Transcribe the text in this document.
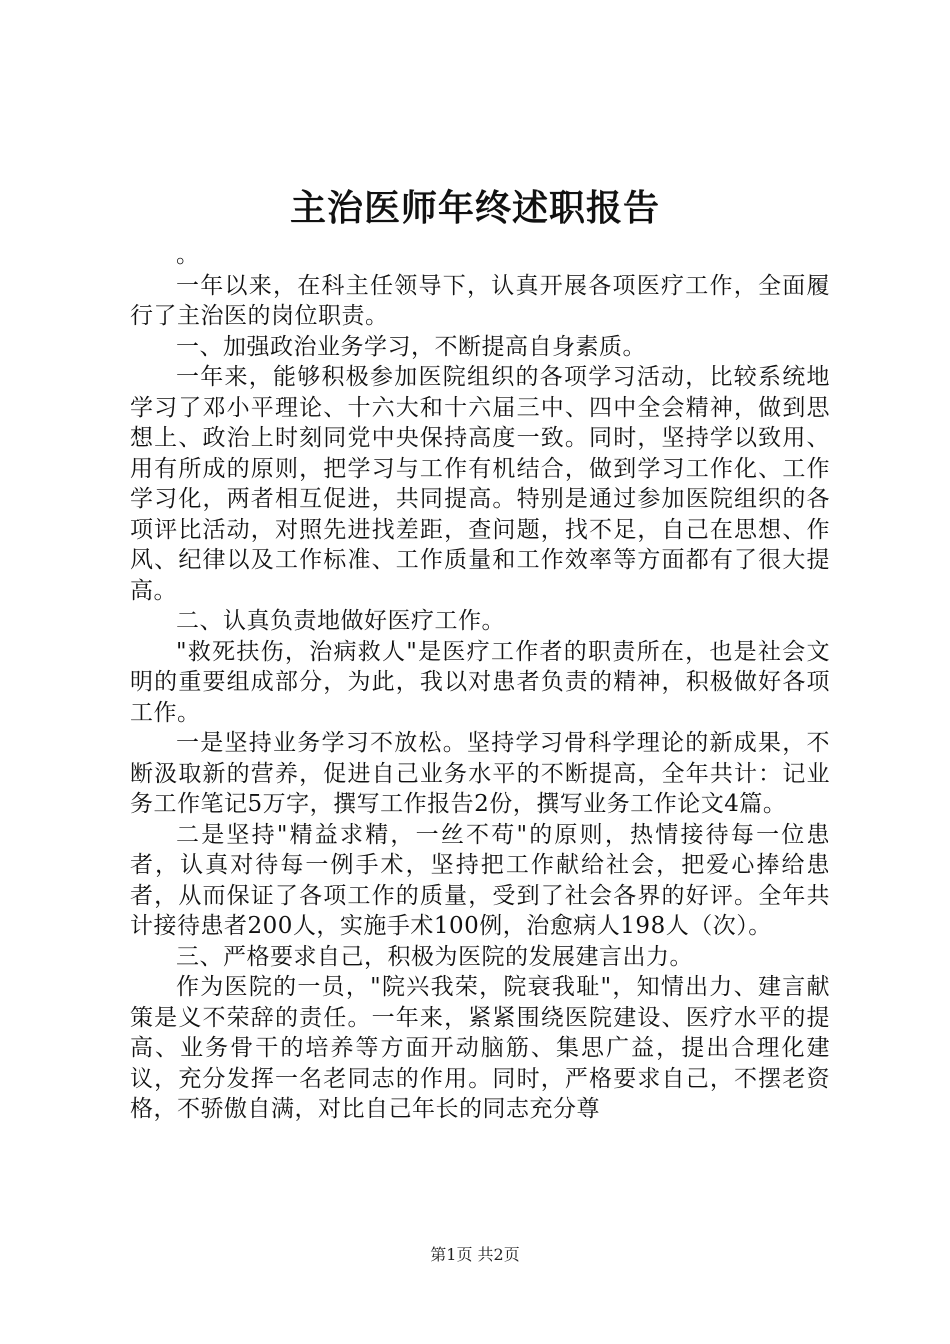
主治医师年终述职报告

。

一年以来，在科主任领导下，认真开展各项医疗工作，全面履行了主治医的岗位职责。

一、加强政治业务学习，不断提高自身素质。

一年来，能够积极参加医院组织的各项学习活动，比较系统地学习了邓小平理论、十六大和十六届三中、四中全会精神，做到思想上、政治上时刻同党中央保持高度一致。同时，坚持学以致用、用有所成的原则，把学习与工作有机结合，做到学习工作化、工作学习化，两者相互促进，共同提高。特别是通过参加医院组织的各项评比活动，对照先进找差距，查问题，找不足，自己在思想、作风、纪律以及工作标准、工作质量和工作效率等方面都有了很大提高。

二、认真负责地做好医疗工作。

"救死扶伤，治病救人"是医疗工作者的职责所在，也是社会文明的重要组成部分，为此，我以对患者负责的精神，积极做好各项工作。

一是坚持业务学习不放松。坚持学习骨科学理论的新成果，不断汲取新的营养，促进自己业务水平的不断提高，全年共计：记业务工作笔记5万字，撰写工作报告2份，撰写业务工作论文4篇。

二是坚持"精益求精，一丝不苟"的原则，热情接待每一位患者，认真对待每一例手术，坚持把工作献给社会，把爱心捧给患者，从而保证了各项工作的质量，受到了社会各界的好评。全年共计接待患者200人，实施手术100例，治愈病人198人（次）。

三、严格要求自己，积极为医院的发展建言出力。

作为医院的一员，"院兴我荣，院衰我耻"，知情出力、建言献策是义不荣辞的责任。一年来，紧紧围绕医院建设、医疗水平的提高、业务骨干的培养等方面开动脑筋、集思广益，提出合理化建议，充分发挥一名老同志的作用。同时，严格要求自己，不摆老资格，不骄傲自满，对比自己年长的同志充分尊

第1页 共2页
